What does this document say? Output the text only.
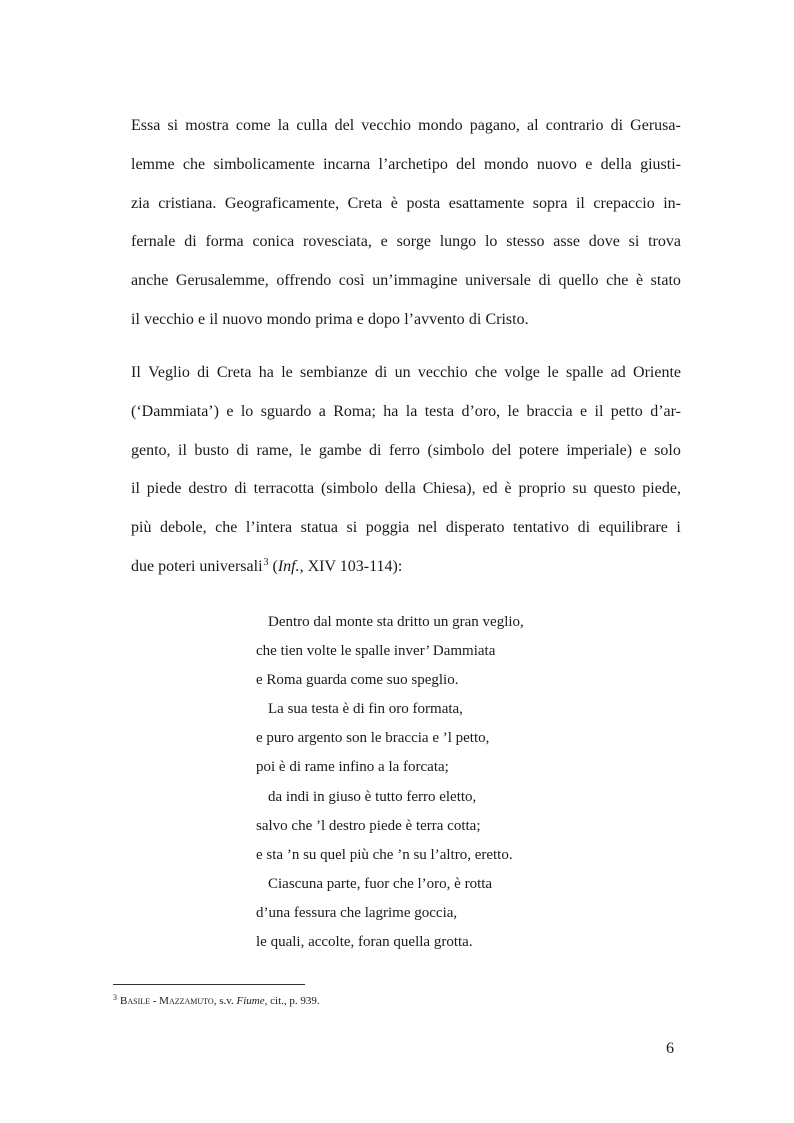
Essa si mostra come la culla del vecchio mondo pagano, al contrario di Gerusa-
lemme che simbolicamente incarna l’archetipo del mondo nuovo e della giusti-
zia cristiana. Geograficamente, Creta è posta esattamente sopra il crepaccio in-
fernale di forma conica rovesciata, e sorge lungo lo stesso asse dove si trova
anche Gerusalemme, offrendo così un’immagine universale di quello che è stato
il vecchio e il nuovo mondo prima e dopo l’avvento di Cristo.
Il Veglio di Creta ha le sembianze di un vecchio che volge le spalle ad Oriente
(‘Dammiata’) e lo sguardo a Roma; ha la testa d’oro, le braccia e il petto d’ar-
gento, il busto di rame, le gambe di ferro (simbolo del potere imperiale) e solo
il piede destro di terracotta (simbolo della Chiesa), ed è proprio su questo piede,
più debole, che l’intera statua si poggia nel disperato tentativo di equilibrare i
due poteri universali$^3$ (Inf., XIV 103-114):
Dentro dal monte sta dritto un gran veglio,
che tien volte le spalle inver’ Dammiata
e Roma guarda come suo speglio.
La sua testa è di fin oro formata,
e puro argento son le braccia e ’l petto,
poi è di rame infino a la forcata;
da indi in giuso è tutto ferro eletto,
salvo che ’l destro piede è terra cotta;
e sta ’n su quel più che ’n su l’altro, eretto.
Ciascuna parte, fuor che l’oro, è rotta
d’una fessura che lagrime goccia,
le quali, accolte, foran quella grotta.
$^3$ Basile - Mazzamuto, s.v. Fiume, cit., p. 939.
6
